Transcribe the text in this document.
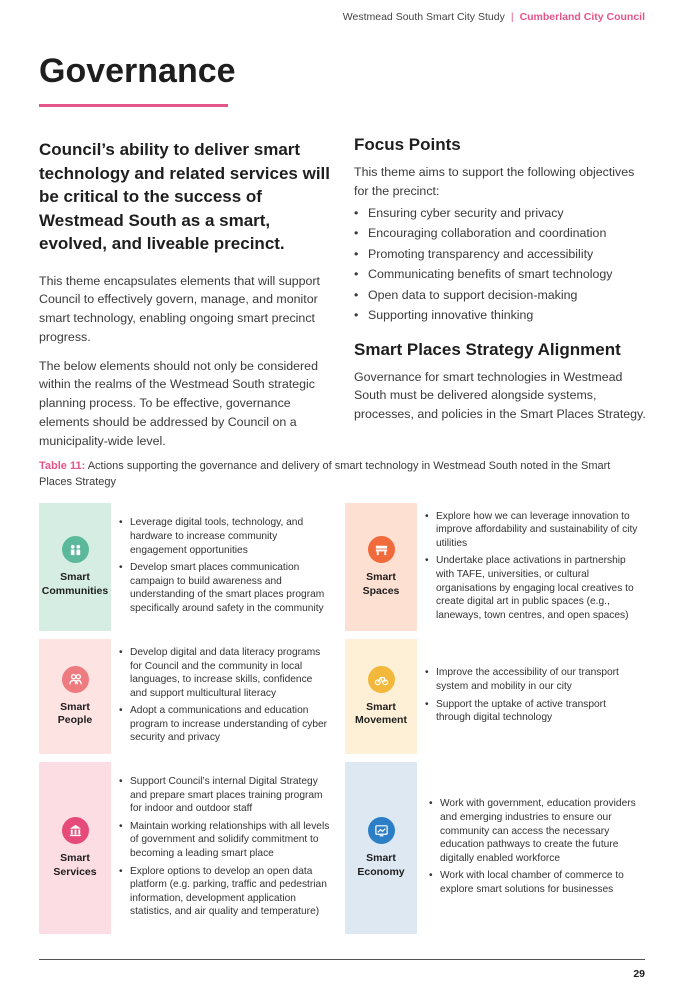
Westmead South Smart City Study | Cumberland City Council
Governance

Council’s ability to deliver smart technology and related services will be critical to the success of Westmead South as a smart, evolved, and liveable precinct.

This theme encapsulates elements that will support Council to effectively govern, manage, and monitor smart technology, enabling ongoing smart precinct progress.

The below elements should not only be considered within the realms of the Westmead South strategic planning process. To be effective, governance elements should be addressed by Council on a municipality-wide level.

Focus Points

This theme aims to support the following objectives for the precinct:

• Ensuring cyber security and privacy
• Encouraging collaboration and coordination
• Promoting transparency and accessibility
• Communicating benefits of smart technology
• Open data to support decision-making
• Supporting innovative thinking
Smart Places Strategy Alignment

Governance for smart technologies in Westmead South must be delivered alongside systems, processes, and policies in the Smart Places Strategy.

Table 11: Actions supporting the governance and delivery of smart technology in Westmead South noted in the Smart Places Strategy

Smart
Communities
• Leverage digital tools, technology, and hardware to increase community engagement opportunities
• Develop smart places communication campaign to build awareness and understanding of the smart places program specifically around safety in the community
Smart
Spaces
• Explore how we can leverage innovation to improve affordability and sustainability of city utilities
• Undertake place activations in partnership with TAFE, universities, or cultural organisations by engaging local creatives to create digital art in public spaces (e.g., laneways, town centres, and open spaces)
Smart
People
• Develop digital and data literacy programs for Council and the community in local languages, to increase skills, confidence and support multicultural literacy
• Adopt a communications and education program to increase understanding of cyber security and privacy
Smart
Movement
• Improve the accessibility of our transport system and mobility in our city
• Support the uptake of active transport through digital technology
Smart
Services
• Support Council’s internal Digital Strategy and prepare smart places training program for indoor and outdoor staff
• Maintain working relationships with all levels of government and solidify commitment to becoming a leading smart place
• Explore options to develop an open data platform (e.g. parking, traffic and pedestrian information, development application statistics, and air quality and temperature)
Smart
Economy
• Work with government, education providers and emerging industries to ensure our community can access the necessary education pathways to create the future digitally enabled workforce
• Work with local chamber of commerce to explore smart solutions for businesses
29
